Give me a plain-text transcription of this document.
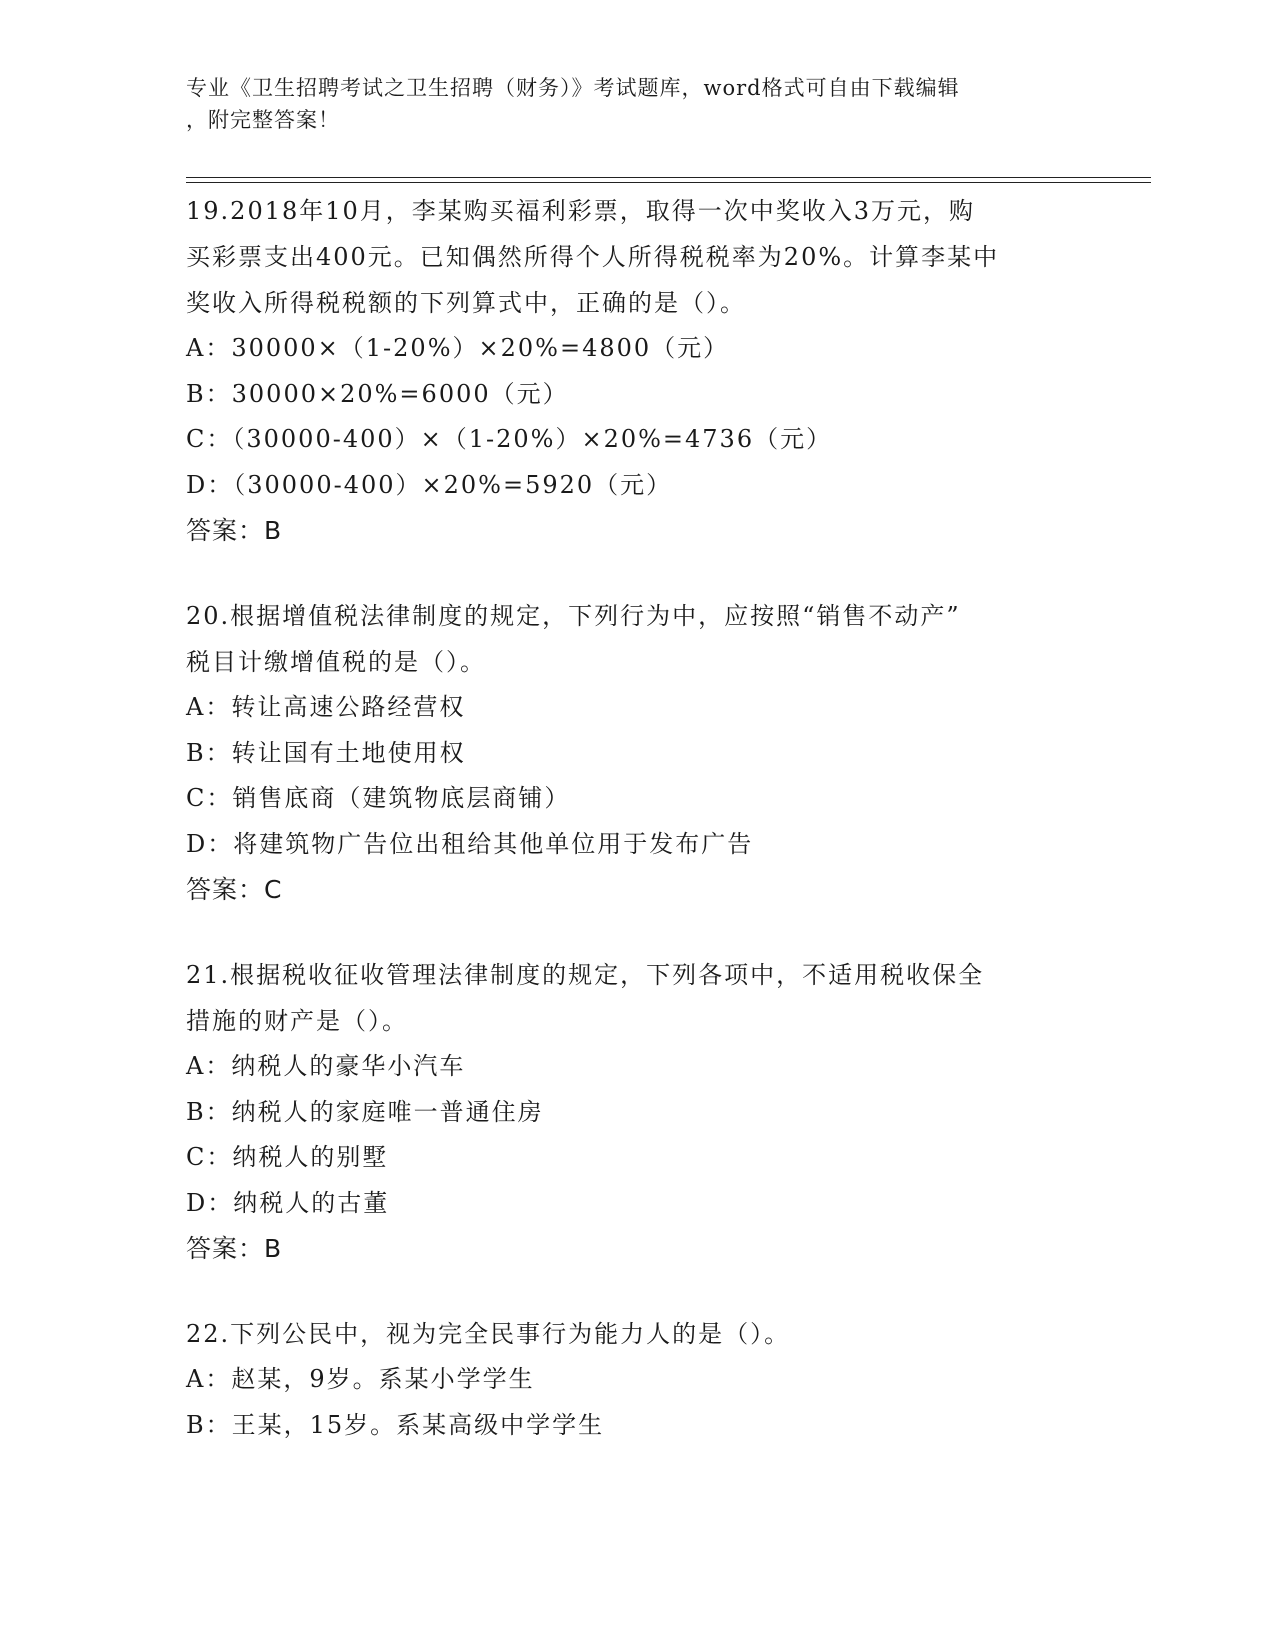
专业《卫生招聘考试之卫生招聘（财务）》考试题库，word格式可自由下载编辑
，附完整答案！
19.2018年10月，李某购买福利彩票，取得一次中奖收入3万元，购
买彩票支出400元。已知偶然所得个人所得税税率为20%。计算李某中
奖收入所得税税额的下列算式中，正确的是（）。
A：30000×（1-20%）×20%=4800（元）
B：30000×20%=6000（元）
C：（30000-400）×（1-20%）×20%=4736（元）
D：（30000-400）×20%=5920（元）
答案：B
20.根据增值税法律制度的规定，下列行为中，应按照“销售不动产”
税目计缴增值税的是（）。
A：转让高速公路经营权
B：转让国有土地使用权
C：销售底商（建筑物底层商铺）
D：将建筑物广告位出租给其他单位用于发布广告
答案：C
21.根据税收征收管理法律制度的规定，下列各项中，不适用税收保全
措施的财产是（）。
A：纳税人的豪华小汽车
B：纳税人的家庭唯一普通住房
C：纳税人的别墅
D：纳税人的古董
答案：B
22.下列公民中，视为完全民事行为能力人的是（）。
A：赵某，9岁。系某小学学生
B：王某，15岁。系某高级中学学生
